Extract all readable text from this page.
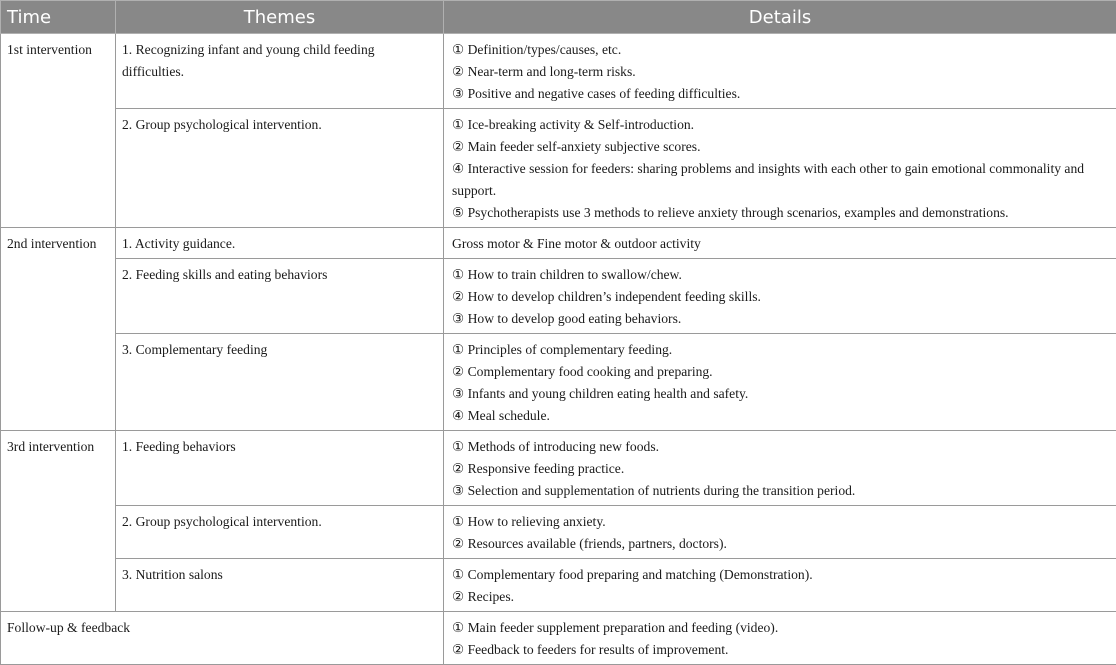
Time	Themes	Details
1st intervention	1. Recognizing infant and young child feeding difficulties.	① Definition/types/causes, etc.
② Near-term and long-term risks.
③ Positive and negative cases of feeding difficulties.

	2. Group psychological intervention.	① Ice-breaking activity & Self-introduction.
② Main feeder self-anxiety subjective scores.
④ Interactive session for feeders: sharing problems and insights with each other to gain emotional commonality and support.
⑤ Psychotherapists use 3 methods to relieve anxiety through scenarios, examples and demonstrations.

2nd intervention	1. Activity guidance.	Gross motor & Fine motor & outdoor activity

	2. Feeding skills and eating behaviors	① How to train children to swallow/chew.
② How to develop children’s independent feeding skills.
③ How to develop good eating behaviors.

	3. Complementary feeding	① Principles of complementary feeding.
② Complementary food cooking and preparing.
③ Infants and young children eating health and safety.
④ Meal schedule.

3rd intervention	1. Feeding behaviors	① Methods of introducing new foods.
② Responsive feeding practice.
③ Selection and supplementation of nutrients during the transition period.

	2. Group psychological intervention.	① How to relieving anxiety.
② Resources available (friends, partners, doctors).

	3. Nutrition salons	① Complementary food preparing and matching (Demonstration).
② Recipes.

Follow-up & feedback		① Main feeder supplement preparation and feeding (video).
② Feedback to feeders for results of improvement.
